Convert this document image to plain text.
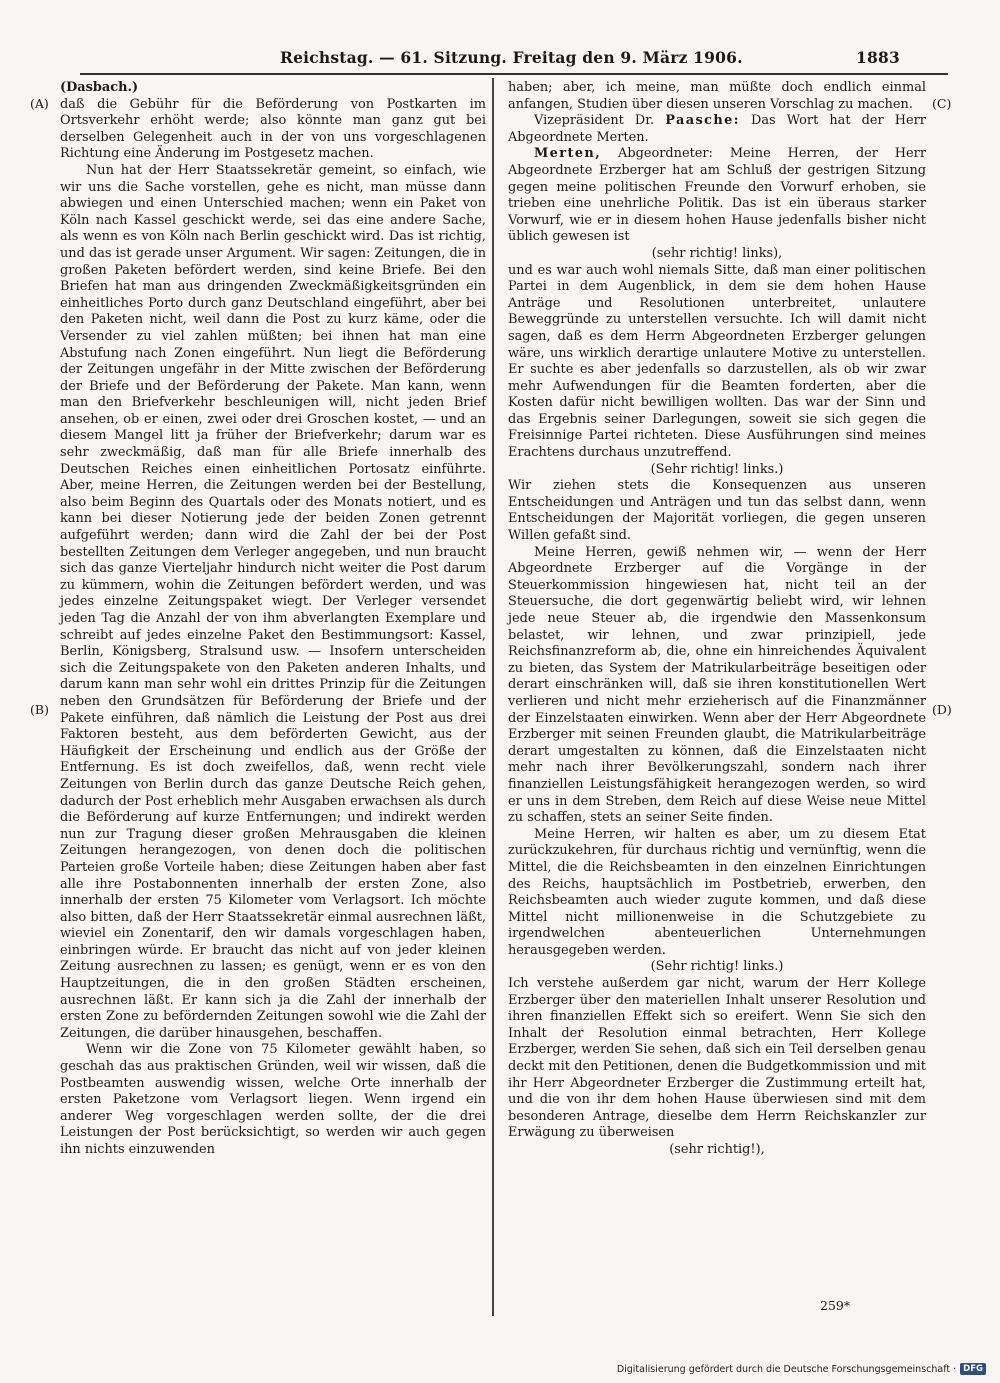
Reichstag. — 61. Sitzung. Freitag den 9. März 1906.	1883
(A)
(B)
(C)
(D)

(Dasbach.)

daß die Gebühr für die Beförderung von Postkarten im Ortsverkehr erhöht werde; also könnte man ganz gut bei derselben Gelegenheit auch in der von uns vorgeschlagenen Richtung eine Änderung im Postgesetz machen.

Nun hat der Herr Staatssekretär gemeint, so einfach, wie wir uns die Sache vorstellen, gehe es nicht, man müsse dann abwiegen und einen Unterschied machen; wenn ein Paket von Köln nach Kassel geschickt werde, sei das eine andere Sache, als wenn es von Köln nach Berlin geschickt wird. Das ist richtig, und das ist gerade unser Argument. Wir sagen: Zeitungen, die in großen Paketen befördert werden, sind keine Briefe. Bei den Briefen hat man aus dringenden Zweckmäßigkeitsgründen ein einheitliches Porto durch ganz Deutschland eingeführt, aber bei den Paketen nicht, weil dann die Post zu kurz käme, oder die Versender zu viel zahlen müßten; bei ihnen hat man eine Abstufung nach Zonen eingeführt. Nun liegt die Beförderung der Zeitungen ungefähr in der Mitte zwischen der Beförderung der Briefe und der Beförderung der Pakete. Man kann, wenn man den Briefverkehr beschleunigen will, nicht jeden Brief ansehen, ob er einen, zwei oder drei Groschen kostet, — und an diesem Mangel litt ja früher der Briefverkehr; darum war es sehr zweckmäßig, daß man für alle Briefe innerhalb des Deutschen Reiches einen einheitlichen Portosatz einführte. Aber, meine Herren, die Zeitungen werden bei der Bestellung, also beim Beginn des Quartals oder des Monats notiert, und es kann bei dieser Notierung jede der beiden Zonen getrennt aufgeführt werden; dann wird die Zahl der bei der Post bestellten Zeitungen dem Verleger angegeben, und nun braucht sich das ganze Vierteljahr hindurch nicht weiter die Post darum zu kümmern, wohin die Zeitungen befördert werden, und was jedes einzelne Zeitungspaket wiegt. Der Verleger versendet jeden Tag die Anzahl der von ihm abverlangten Exemplare und schreibt auf jedes einzelne Paket den Bestimmungsort: Kassel, Berlin, Königsberg, Stralsund usw. — Insofern unterscheiden sich die Zeitungspakete von den Paketen anderen Inhalts, und darum kann man sehr wohl ein drittes Prinzip für die Zeitungen neben den Grundsätzen für Beförderung der Briefe und der Pakete einführen, daß nämlich die Leistung der Post aus drei Faktoren besteht, aus dem beförderten Gewicht, aus der Häufigkeit der Erscheinung und endlich aus der Größe der Entfernung. Es ist doch zweifellos, daß, wenn recht viele Zeitungen von Berlin durch das ganze Deutsche Reich gehen, dadurch der Post erheblich mehr Ausgaben erwachsen als durch die Beförderung auf kurze Entfernungen; und indirekt werden nun zur Tragung dieser großen Mehrausgaben die kleinen Zeitungen herangezogen, von denen doch die politischen Parteien große Vorteile haben; diese Zeitungen haben aber fast alle ihre Postabonnenten innerhalb der ersten Zone, also innerhalb der ersten 75 Kilometer vom Verlagsort. Ich möchte also bitten, daß der Herr Staatssekretär einmal ausrechnen läßt, wieviel ein Zonentarif, den wir damals vorgeschlagen haben, einbringen würde. Er braucht das nicht auf von jeder kleinen Zeitung ausrechnen zu lassen; es genügt, wenn er es von den Hauptzeitungen, die in den großen Städten erscheinen, ausrechnen läßt. Er kann sich ja die Zahl der innerhalb der ersten Zone zu befördernden Zeitungen sowohl wie die Zahl der Zeitungen, die darüber hinausgehen, beschaffen.

Wenn wir die Zone von 75 Kilometer gewählt haben, so geschah das aus praktischen Gründen, weil wir wissen, daß die Postbeamten auswendig wissen, welche Orte innerhalb der ersten Paketzone vom Verlagsort liegen. Wenn irgend ein anderer Weg vorgeschlagen werden sollte, der die drei Leistungen der Post berücksichtigt, so werden wir auch gegen ihn nichts einzuwenden

haben; aber, ich meine, man müßte doch endlich einmal anfangen, Studien über diesen unseren Vorschlag zu machen.

Vizepräsident Dr. Paasche: Das Wort hat der Herr Abgeordnete Merten.

Merten, Abgeordneter: Meine Herren, der Herr Abgeordnete Erzberger hat am Schluß der gestrigen Sitzung gegen meine politischen Freunde den Vorwurf erhoben, sie trieben eine unehrliche Politik. Das ist ein überaus starker Vorwurf, wie er in diesem hohen Hause jedenfalls bisher nicht üblich gewesen ist

(sehr richtig! links),

und es war auch wohl niemals Sitte, daß man einer politischen Partei in dem Augenblick, in dem sie dem hohen Hause Anträge und Resolutionen unterbreitet, unlautere Beweggründe zu unterstellen versuchte. Ich will damit nicht sagen, daß es dem Herrn Abgeordneten Erzberger gelungen wäre, uns wirklich derartige unlautere Motive zu unterstellen. Er suchte es aber jedenfalls so darzustellen, als ob wir zwar mehr Aufwendungen für die Beamten forderten, aber die Kosten dafür nicht bewilligen wollten. Das war der Sinn und das Ergebnis seiner Darlegungen, soweit sie sich gegen die Freisinnige Partei richteten. Diese Ausführungen sind meines Erachtens durchaus unzutreffend.

(Sehr richtig! links.)

Wir ziehen stets die Konsequenzen aus unseren Entscheidungen und Anträgen und tun das selbst dann, wenn Entscheidungen der Majorität vorliegen, die gegen unseren Willen gefaßt sind.

Meine Herren, gewiß nehmen wir, — wenn der Herr Abgeordnete Erzberger auf die Vorgänge in der Steuerkommission hingewiesen hat, nicht teil an der Steuersuche, die dort gegenwärtig beliebt wird, wir lehnen jede neue Steuer ab, die irgendwie den Massenkonsum belastet, wir lehnen, und zwar prinzipiell, jede Reichsfinanzreform ab, die, ohne ein hinreichendes Äquivalent zu bieten, das System der Matrikularbeiträge beseitigen oder derart einschränken will, daß sie ihren konstitutionellen Wert verlieren und nicht mehr erzieherisch auf die Finanzmänner der Einzelstaaten einwirken. Wenn aber der Herr Abgeordnete Erzberger mit seinen Freunden glaubt, die Matrikularbeiträge derart umgestalten zu können, daß die Einzelstaaten nicht mehr nach ihrer Bevölkerungszahl, sondern nach ihrer finanziellen Leistungsfähigkeit herangezogen werden, so wird er uns in dem Streben, dem Reich auf diese Weise neue Mittel zu schaffen, stets an seiner Seite finden.

Meine Herren, wir halten es aber, um zu diesem Etat zurückzukehren, für durchaus richtig und vernünftig, wenn die Mittel, die die Reichsbeamten in den einzelnen Einrichtungen des Reichs, hauptsächlich im Postbetrieb, erwerben, den Reichsbeamten auch wieder zugute kommen, und daß diese Mittel nicht millionenweise in die Schutzgebiete zu irgendwelchen abenteuerlichen Unternehmungen herausgegeben werden.

(Sehr richtig! links.)

Ich verstehe außerdem gar nicht, warum der Herr Kollege Erzberger über den materiellen Inhalt unserer Resolution und ihren finanziellen Effekt sich so ereifert. Wenn Sie sich den Inhalt der Resolution einmal betrachten, Herr Kollege Erzberger, werden Sie sehen, daß sich ein Teil derselben genau deckt mit den Petitionen, denen die Budgetkommission und mit ihr Herr Abgeordneter Erzberger die Zustimmung erteilt hat, und die von ihr dem hohen Hause überwiesen sind mit dem besonderen Antrage, dieselbe dem Herrn Reichskanzler zur Erwägung zu überweisen

(sehr richtig!),

259*
Digitalisierung gefördert durch die Deutsche Forschungsgemeinschaft · DFG
